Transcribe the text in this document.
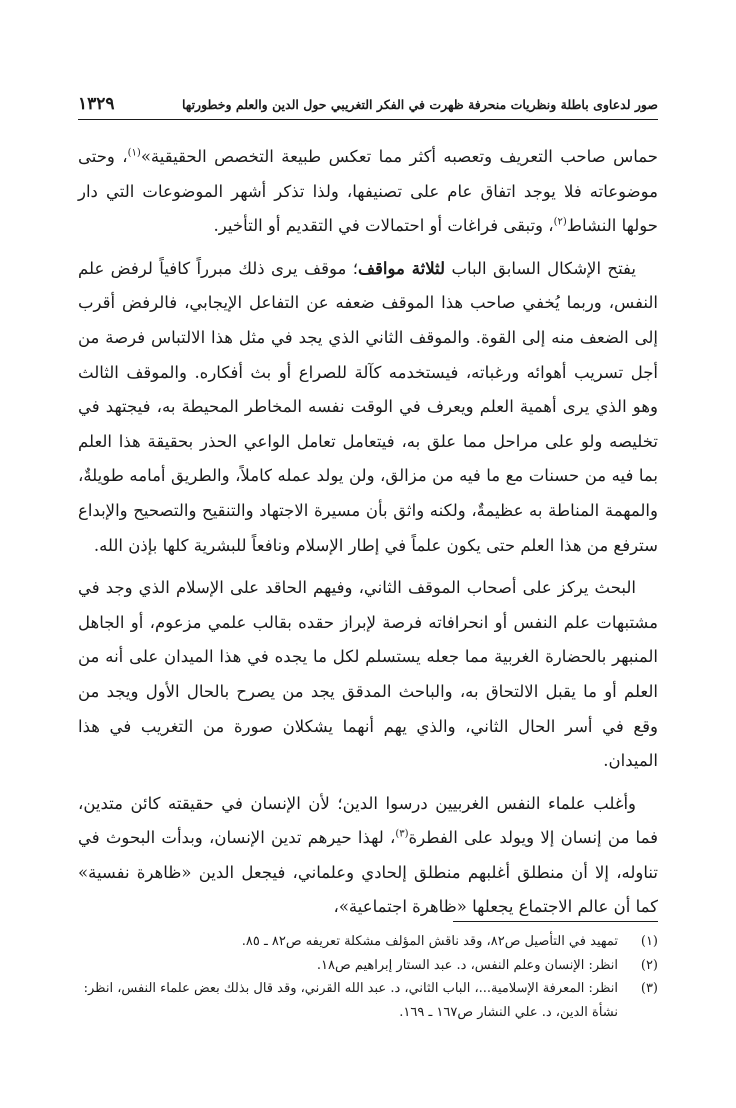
صور لدعاوى باطلة ونظريات منحرفة ظهرت في الفكر التغريبي حول الدين والعلم وخطورتها
١٣٢٩

حماس صاحب التعريف وتعصبه أكثر مما تعكس طبيعة التخصص الحقيقية»$^{(١)}$، وحتى موضوعاته فلا يوجد اتفاق عام على تصنيفها، ولذا تذكر أشهر الموضوعات التي دار حولها النشاط$^{(٢)}$، وتبقى فراغات أو احتمالات في التقديم أو التأخير.

يفتح الإشكال السابق الباب لثلاثة مواقف؛ موقف يرى ذلك مبرراً كافياً لرفض علم النفس، وربما يُخفي صاحب هذا الموقف ضعفه عن التفاعل الإيجابي، فالرفض أقرب إلى الضعف منه إلى القوة. والموقف الثاني الذي يجد في مثل هذا الالتباس فرصة من أجل تسريب أهوائه ورغباته، فيستخدمه كآلة للصراع أو بث أفكاره. والموقف الثالث وهو الذي يرى أهمية العلم ويعرف في الوقت نفسه المخاطر المحيطة به، فيجتهد في تخليصه ولو على مراحل مما علق به، فيتعامل تعامل الواعي الحذر بحقيقة هذا العلم بما فيه من حسنات مع ما فيه من مزالق، ولن يولد عمله كاملاً، والطريق أمامه طويلةٌ، والمهمة المناطة به عظيمةٌ، ولكنه واثق بأن مسيرة الاجتهاد والتنقيح والتصحيح والإبداع سترفع من هذا العلم حتى يكون علماً في إطار الإسلام ونافعاً للبشرية كلها بإذن الله.

البحث يركز على أصحاب الموقف الثاني، وفيهم الحاقد على الإسلام الذي وجد في مشتبهات علم النفس أو انحرافاته فرصة لإبراز حقده بقالب علمي مزعوم، أو الجاهل المنبهر بالحضارة الغربية مما جعله يستسلم لكل ما يجده في هذا الميدان على أنه من العلم أو ما يقبل الالتحاق به، والباحث المدقق يجد من يصرح بالحال الأول ويجد من وقع في أسر الحال الثاني، والذي يهم أنهما يشكلان صورة من التغريب في هذا الميدان.

وأغلب علماء النفس الغربيين درسوا الدين؛ لأن الإنسان في حقيقته كائن متدين، فما من إنسان إلا ويولد على الفطرة$^{(٣)}$، لهذا حيرهم تدين الإنسان، وبدأت البحوث في تناوله، إلا أن منطلق أغلبهم منطلق إلحادي وعلماني، فيجعل الدين «ظاهرة نفسية» كما أن عالم الاجتماع يجعلها «ظاهرة اجتماعية»،

(١)
تمهيد في التأصيل ص٨٢، وقد ناقش المؤلف مشكلة تعريفه ص٨٢ ـ ٨٥.
(٢)
انظر: الإنسان وعلم النفس، د. عبد الستار إبراهيم ص١٨.
(٣)
انظر: المعرفة الإسلامية...، الباب الثاني، د. عبد الله القرني، وقد قال بذلك بعض علماء النفس، انظر: نشأة الدين، د. علي النشار ص١٦٧ ـ ١٦٩.
